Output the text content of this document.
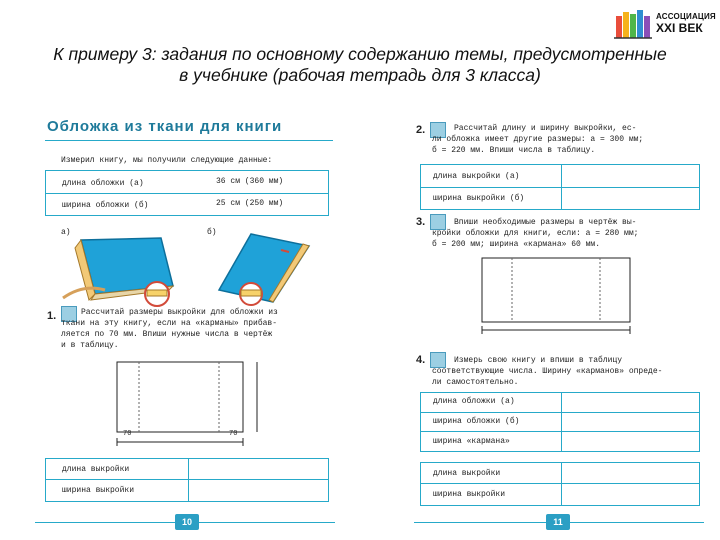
К примеру 3: задания по основному содержанию темы, предусмотренные
в учебнике (рабочая тетрадь для 3 класса)
АССОЦИАЦИЯ
XXI ВЕК
Обложка из ткани для книги
Измерил книгу, мы получили следующие данные:
длина обложки (а)	36 см (360 мм)
ширина обложки (б)	25 см (250 мм)
а)	б)
1.	Рассчитай размеры выкройки для обложки из
ткани на эту книгу, если на «карманы» прибав-
ляется по 70 мм. Впиши нужные числа в чертёж
и в таблицу.
70	70
длина выкройки
ширина выкройки
10
2.	Рассчитай длину и ширину выкройки, ес-
ли обложка имеет другие размеры: а = 300 мм;
б = 220 мм. Впиши числа в таблицу.
длина выкройки (а)
ширина выкройки (б)
3.	Впиши необходимые размеры в чертёж вы-
кройки обложки для книги, если: а = 280 мм;
б = 200 мм; ширина «кармана» 60 мм.
4.	Измерь свою книгу и впиши в таблицу
соответствующие числа. Ширину «карманов» опреде-
ли самостоятельно.
длина обложки (а)
ширина обложки (б)
ширина «кармана»
длина выкройки
ширина выкройки
11
